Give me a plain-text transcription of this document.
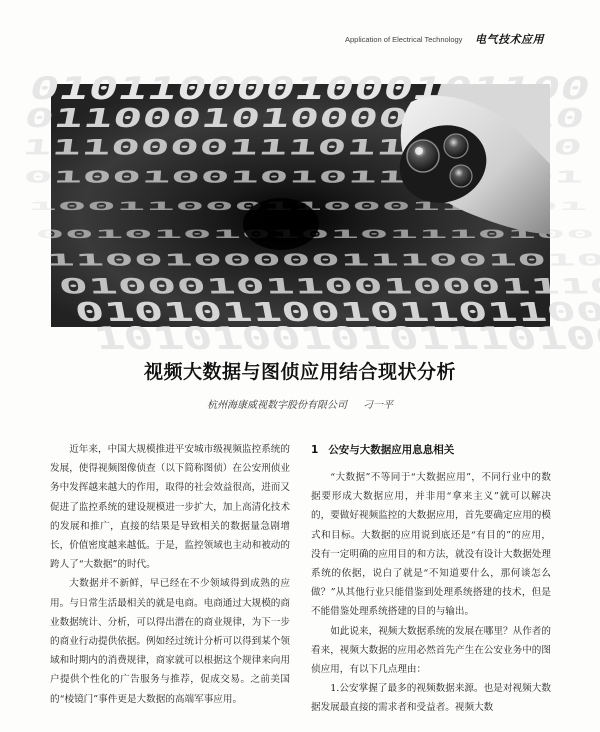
Application of Electrical Technology 电气技术应用
0101100001000101100
0110001010000111010
1110000111011000010
0100100101011010101
1001100011000110001
0010101010101110100
1100100000111001010
0100010110010001110
0101011001011011000
1010100101011101001
视频大数据与图侦应用结合现状分析
杭州海康威视数字股份有限公司 刁一平

近年来，中国大规模推进平安城市级视频监控系统的发展，使得视频图像侦查（以下简称图侦）在公安刑侦业务中发挥越来越大的作用，取得的社会效益很高，进而又促进了监控系统的建设规模进一步扩大，加上高清化技术的发展和推广，直接的结果是导致相关的数据量急剧增长，价值密度越来越低。于是，监控领域也主动和被动的跨人了“大数据”的时代。

大数据并不新鲜，早已经在不少领域得到成熟的应用。与日常生活最相关的就是电商。电商通过大规模的商业数据统计、分析，可以得出潜在的商业规律，为下一步的商业行动提供依据。例如经过统计分析可以得到某个领域和时期内的消费规律，商家就可以根据这个规律来向用户提供个性化的广告服务与推荐，促成交易。之前美国的“棱镜门”事件更是大数据的高端军事应用。

1 公安与大数据应用息息相关

“大数据”不等同于“大数据应用”，不同行业中的数据要形成大数据应用，并非用“拿来主义”就可以解决的，要做好视频监控的大数据应用，首先要确定应用的模式和目标。大数据的应用说到底还是“有目的”的应用，没有一定明确的应用目的和方法，就没有设计大数据处理系统的依据，说白了就是“不知道要什么，那何谈怎么做？”从其他行业只能借鉴到处理系统搭建的技术，但是不能借鉴处理系统搭建的目的与输出。

如此说来，视频大数据系统的发展在哪里？从作者的看来，视频大数据的应用必然首先产生在公安业务中的图侦应用，有以下几点理由：

1.公安掌握了最多的视频数据来源。也是对视频大数据发展最直接的需求者和受益者。视频大数
